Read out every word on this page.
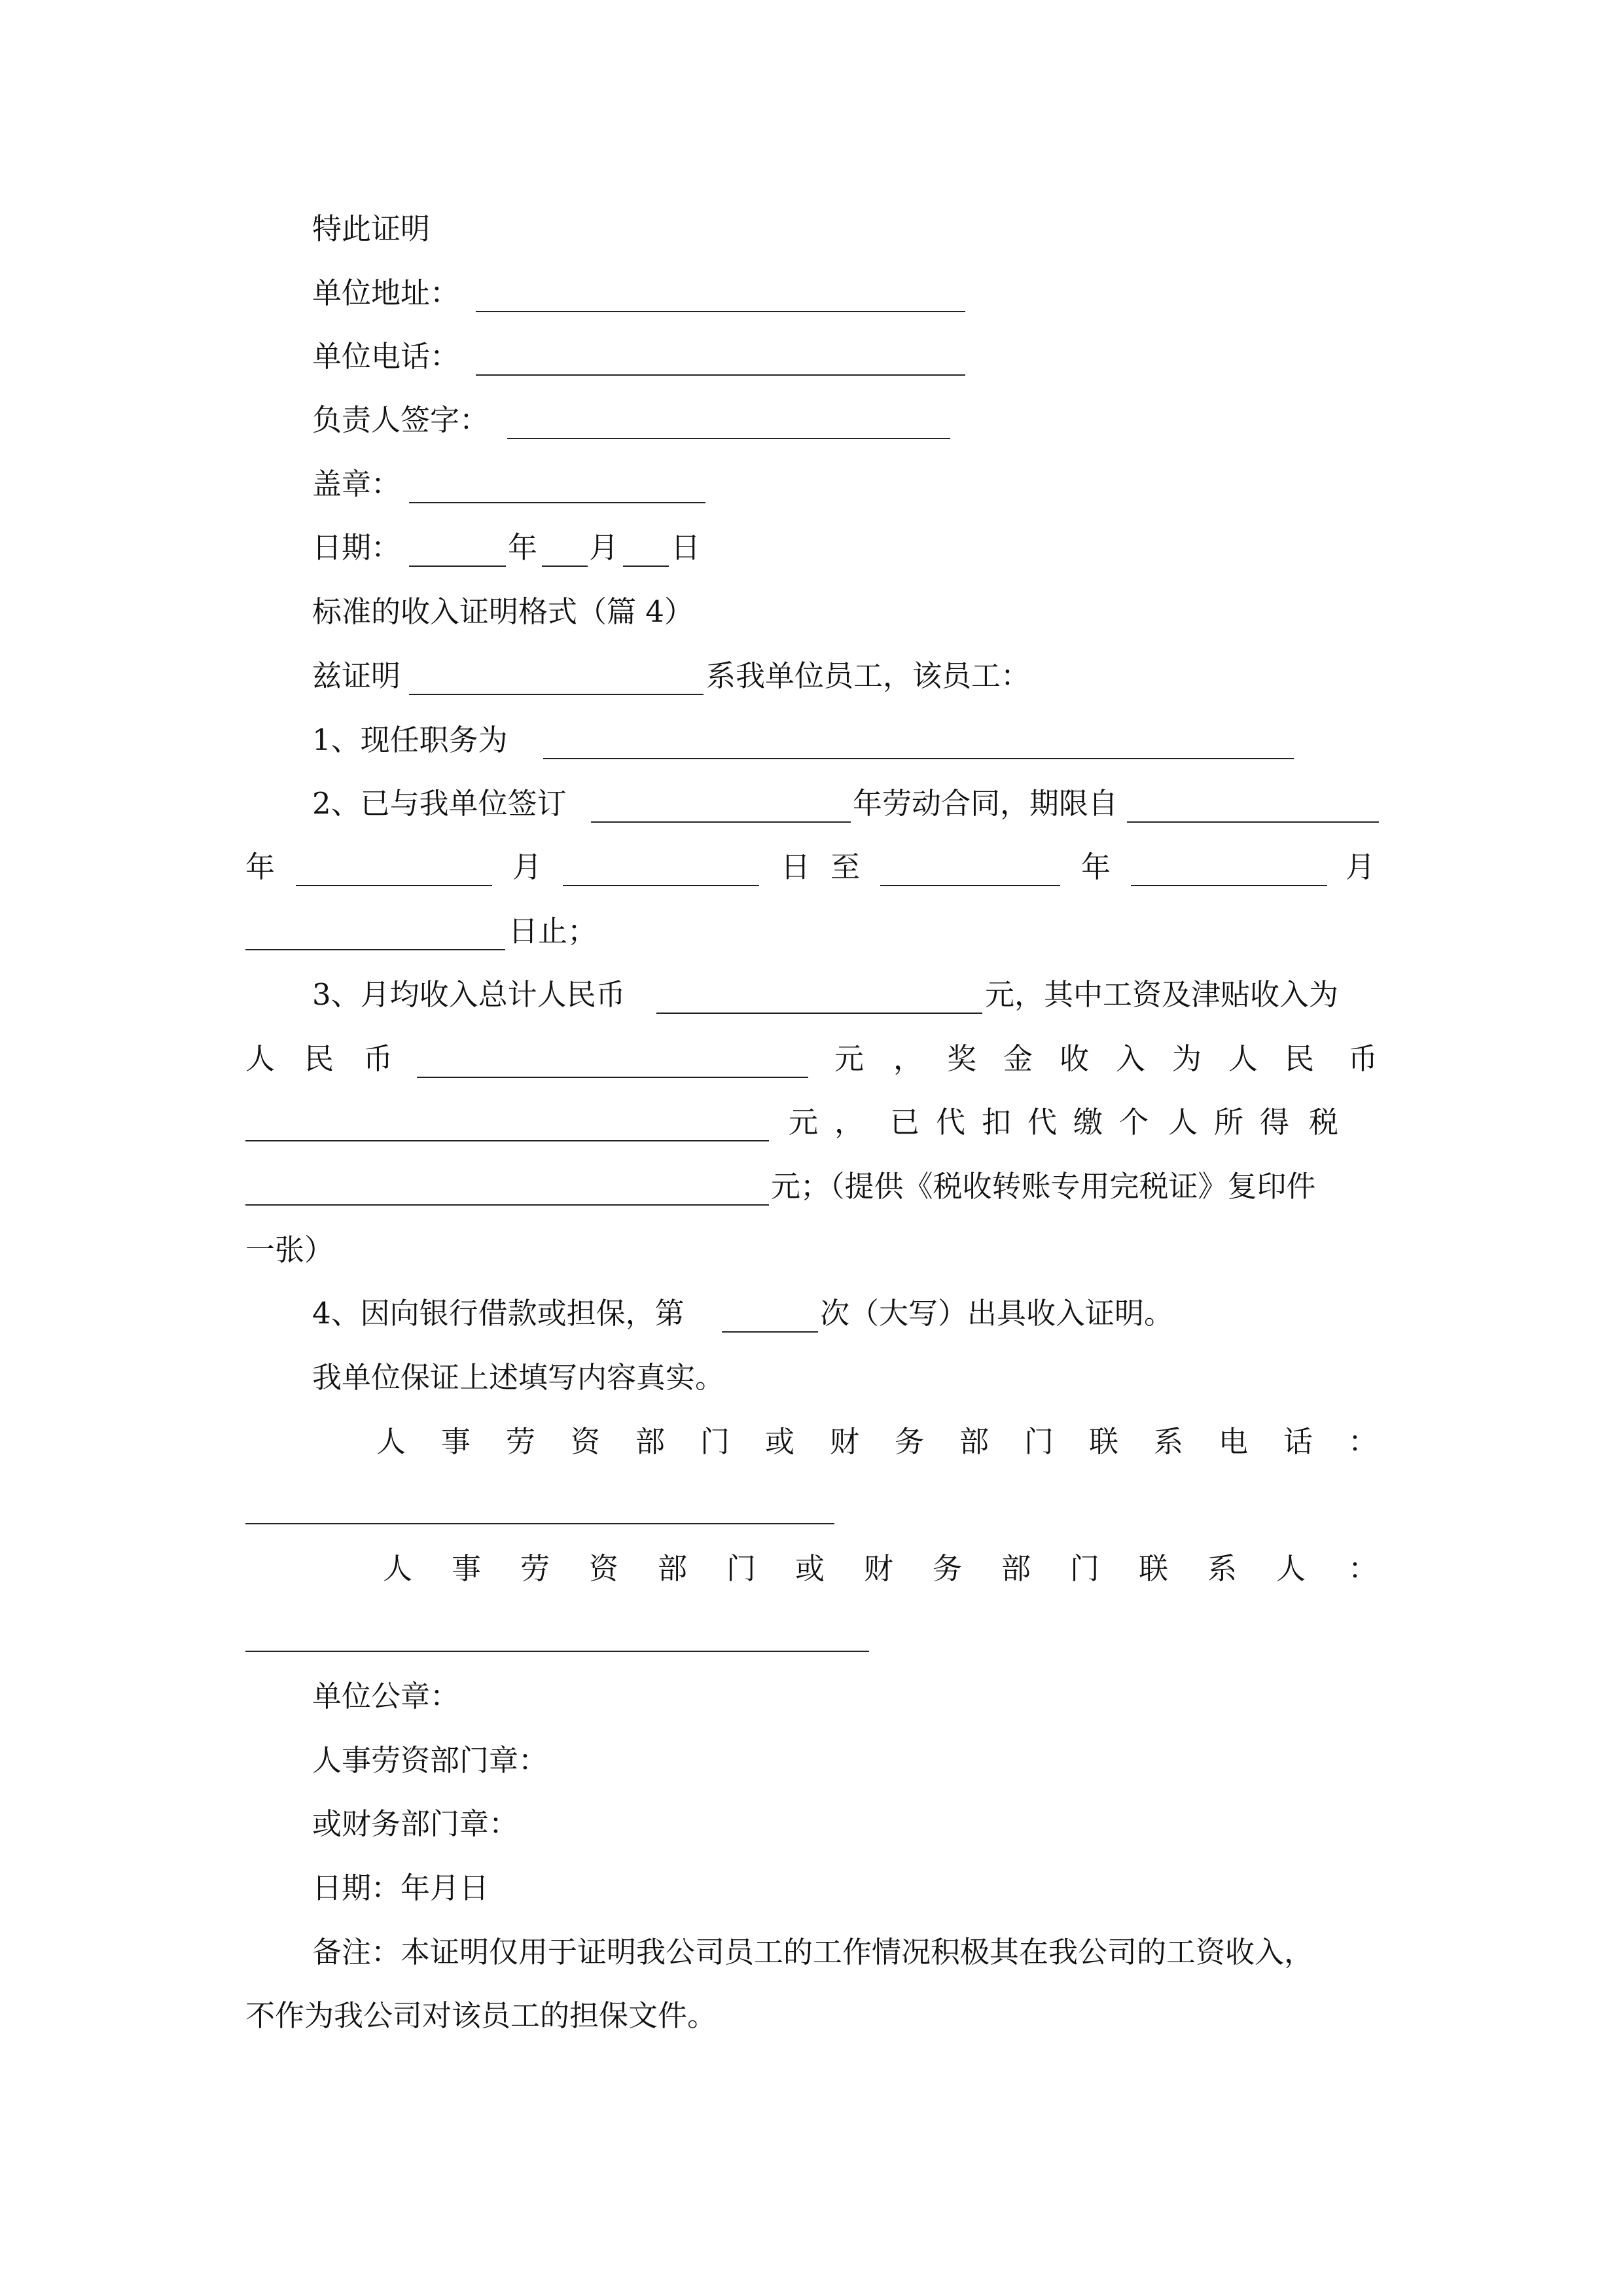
特此证明
单位地址：
单位电话：
负责人签字：
盖章：
日期：	年 月 日
标准的收入证明格式（篇 4）
兹证明	系我单位员工，该员工：
1、现任职务为
2、已与我单位签订	年劳动合同，期限自
年	月	日 至	年	月
日止；
3、月均收入总计人民币	元，其中工资及津贴收入为
人 民 币	元 ， 奖 金 收 入 为 人 民 币
元 ， 已 代 扣 代 缴 个 人 所 得 税
元；（提供《税收转账专用完税证》复印件
一张）
4、因向银行借款或担保，第	次（大写）出具收入证明。
我单位保证上述填写内容真实。
人 事 劳 资 部 门 或 财 务 部 门 联 系 电 话 ：
人 事 劳 资 部 门 或 财 务 部 门 联 系 人 ：
单位公章：
人事劳资部门章：
或财务部门章：
日期：年月日
备注：本证明仅用于证明我公司员工的工作情况积极其在我公司的工资收入，
不作为我公司对该员工的担保文件。
